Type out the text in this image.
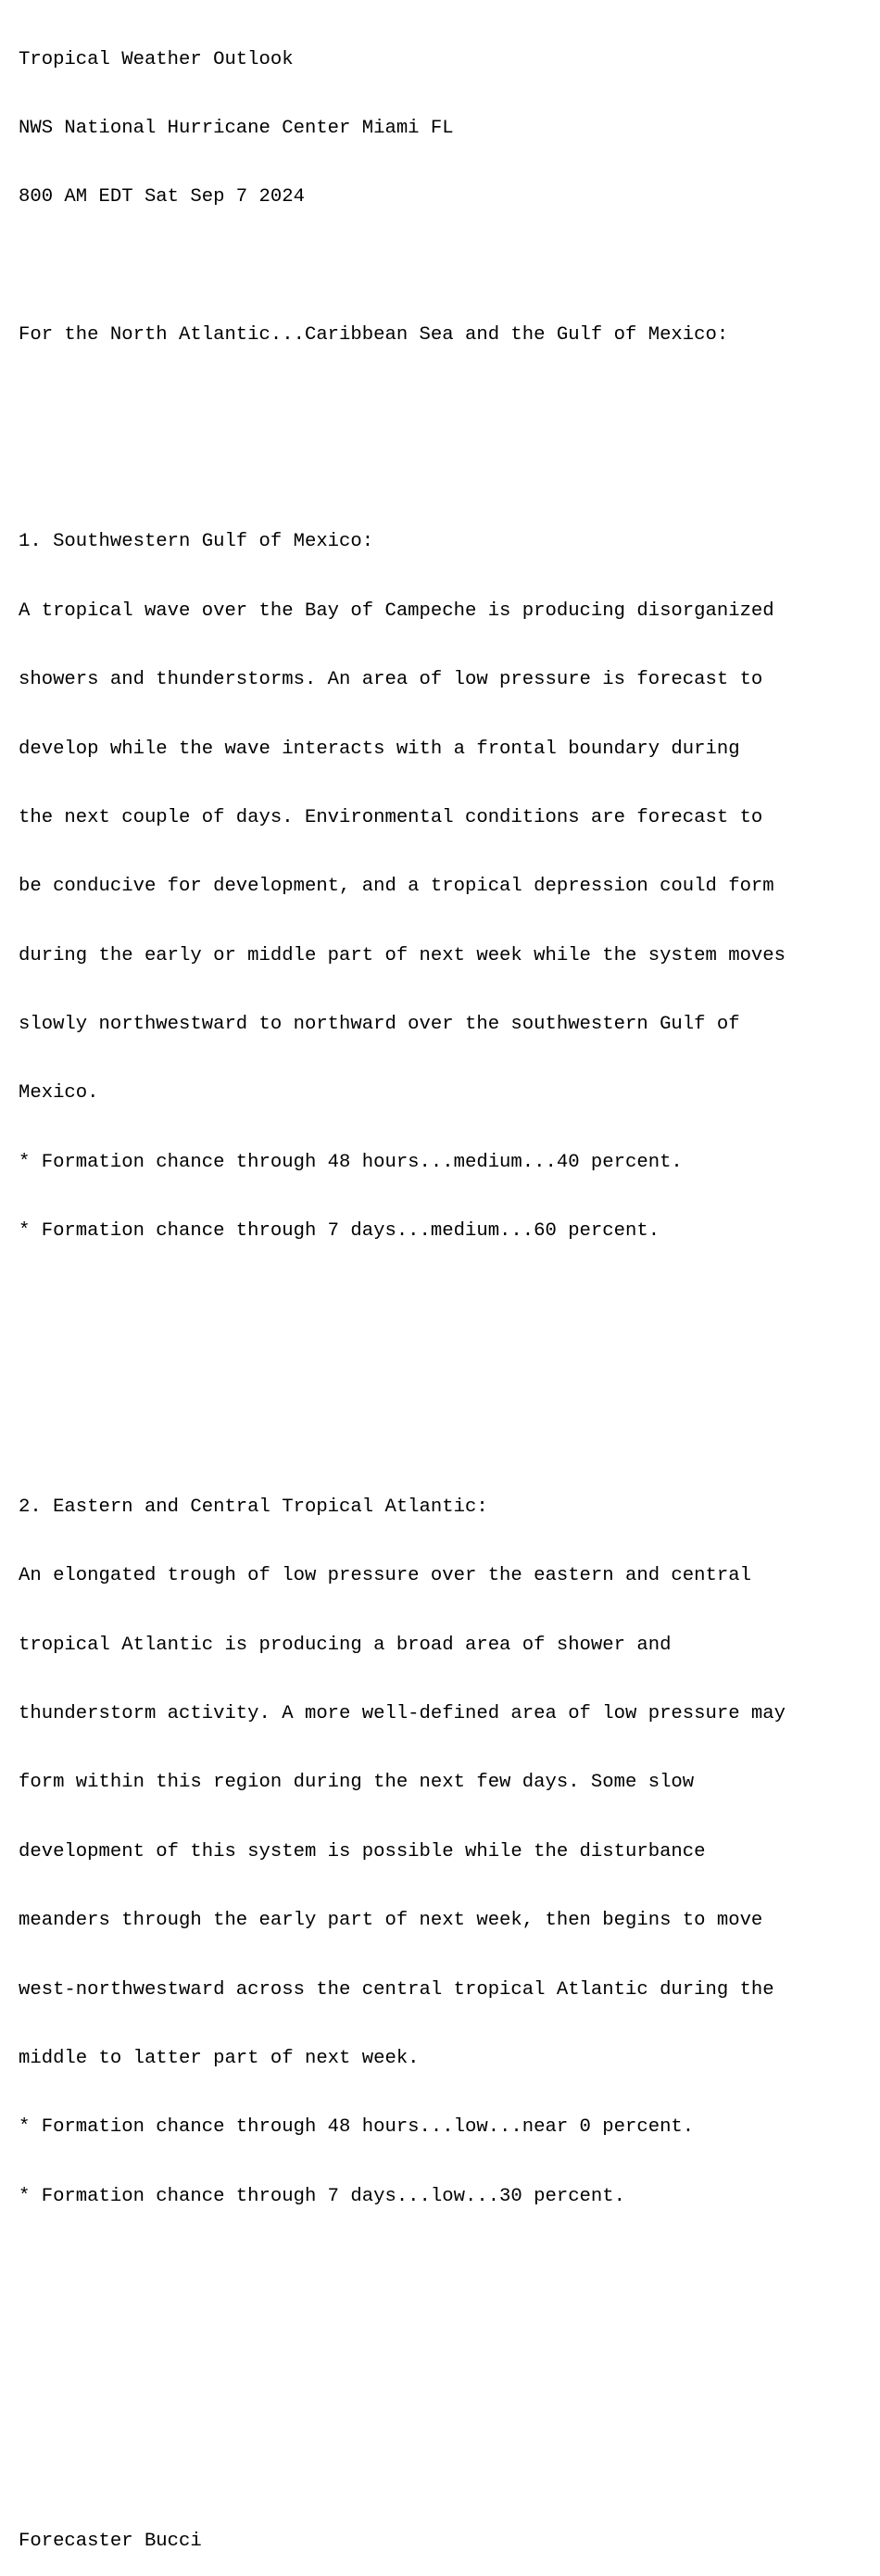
Tropical Weather Outlook

NWS National Hurricane Center Miami FL

800 AM EDT Sat Sep 7 2024

For the North Atlantic...Caribbean Sea and the Gulf of Mexico:

1. Southwestern Gulf of Mexico:

A tropical wave over the Bay of Campeche is producing disorganized

showers and thunderstorms. An area of low pressure is forecast to

develop while the wave interacts with a frontal boundary during

the next couple of days. Environmental conditions are forecast to

be conducive for development, and a tropical depression could form

during the early or middle part of next week while the system moves

slowly northwestward to northward over the southwestern Gulf of

Mexico.

* Formation chance through 48 hours...medium...40 percent.

* Formation chance through 7 days...medium...60 percent.

2. Eastern and Central Tropical Atlantic:

An elongated trough of low pressure over the eastern and central

tropical Atlantic is producing a broad area of shower and

thunderstorm activity. A more well-defined area of low pressure may

form within this region during the next few days. Some slow

development of this system is possible while the disturbance

meanders through the early part of next week, then begins to move

west-northwestward across the central tropical Atlantic during the

middle to latter part of next week.

* Formation chance through 48 hours...low...near 0 percent.

* Formation chance through 7 days...low...30 percent.

Forecaster Bucci
